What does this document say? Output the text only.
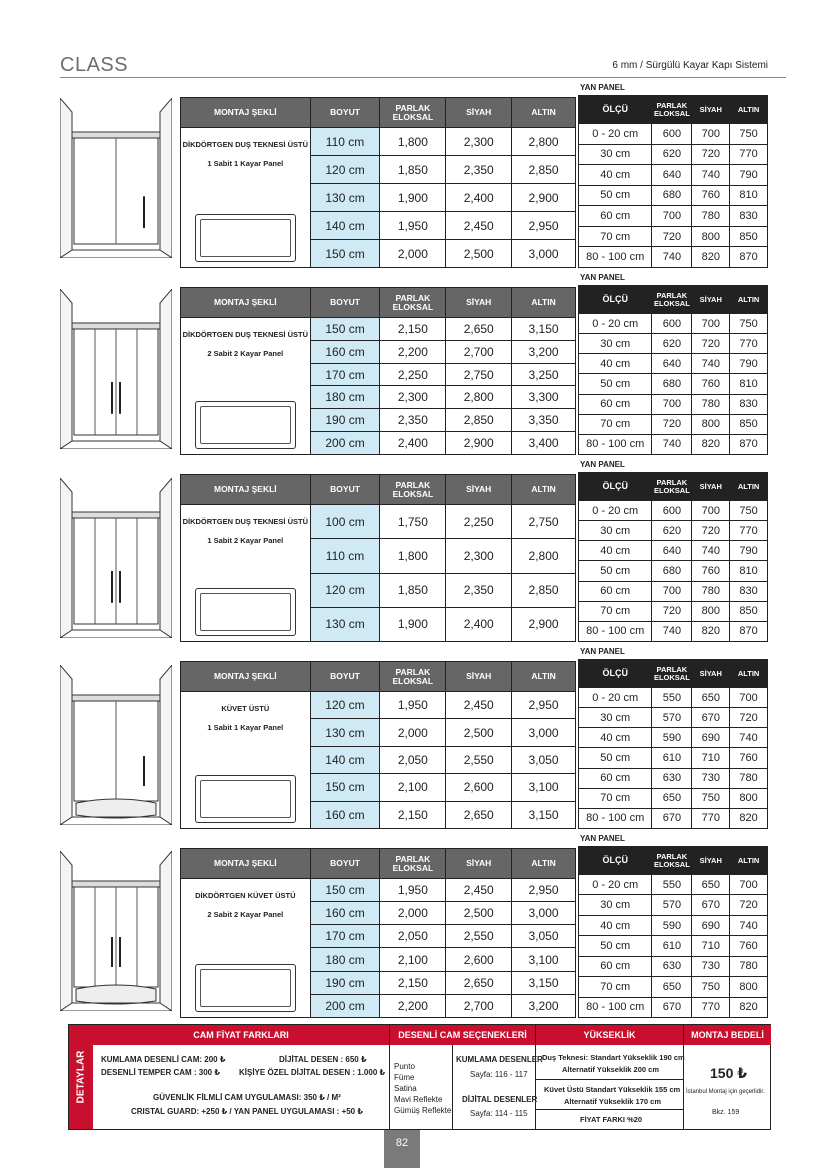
CLASS	6 mm / Sürgülü Kayar Kapı Sistemi
YAN PANEL
MONTAJ ŞEKLİ	BOYUT	PARLAK ELOKSAL	SİYAH	ALTIN

DİKDÖRTGEN DUŞ TEKNESİ ÜSTÜ
1 Sabit 1 Kayar Panel	110 cm	1,800	2,300	2,800
	120 cm	1,850	2,350	2,850
	130 cm	1,900	2,400	2,900
	140 cm	1,950	2,450	2,950
	150 cm	2,000	2,500	3,000
ÖLÇÜ	PARLAK ELOKSAL	SİYAH	ALTIN
0 - 20 cm	600	700	750
30 cm	620	720	770
40 cm	640	740	790
50 cm	680	760	810
60 cm	700	780	830
70 cm	720	800	850
80 - 100 cm	740	820	870
YAN PANEL
MONTAJ ŞEKLİ	BOYUT	PARLAK ELOKSAL	SİYAH	ALTIN

DİKDÖRTGEN DUŞ TEKNESİ ÜSTÜ
2 Sabit 2 Kayar Panel	150 cm	2,150	2,650	3,150
	160 cm	2,200	2,700	3,200
	170 cm	2,250	2,750	3,250
	180 cm	2,300	2,800	3,300
	190 cm	2,350	2,850	3,350
	200 cm	2,400	2,900	3,400
ÖLÇÜ	PARLAK ELOKSAL	SİYAH	ALTIN
0 - 20 cm	600	700	750
30 cm	620	720	770
40 cm	640	740	790
50 cm	680	760	810
60 cm	700	780	830
70 cm	720	800	850
80 - 100 cm	740	820	870
YAN PANEL
MONTAJ ŞEKLİ	BOYUT	PARLAK ELOKSAL	SİYAH	ALTIN

DİKDÖRTGEN DUŞ TEKNESİ ÜSTÜ
1 Sabit 2 Kayar Panel	100 cm	1,750	2,250	2,750
	110 cm	1,800	2,300	2,800
	120 cm	1,850	2,350	2,850
	130 cm	1,900	2,400	2,900
ÖLÇÜ	PARLAK ELOKSAL	SİYAH	ALTIN
0 - 20 cm	600	700	750
30 cm	620	720	770
40 cm	640	740	790
50 cm	680	760	810
60 cm	700	780	830
70 cm	720	800	850
80 - 100 cm	740	820	870
YAN PANEL
MONTAJ ŞEKLİ	BOYUT	PARLAK ELOKSAL	SİYAH	ALTIN

KÜVET ÜSTÜ
1 Sabit 1 Kayar Panel	120 cm	1,950	2,450	2,950
	130 cm	2,000	2,500	3,000
	140 cm	2,050	2,550	3,050
	150 cm	2,100	2,600	3,100
	160 cm	2,150	2,650	3,150
ÖLÇÜ	PARLAK ELOKSAL	SİYAH	ALTIN
0 - 20 cm	550	650	700
30 cm	570	670	720
40 cm	590	690	740
50 cm	610	710	760
60 cm	630	730	780
70 cm	650	750	800
80 - 100 cm	670	770	820
YAN PANEL
MONTAJ ŞEKLİ	BOYUT	PARLAK ELOKSAL	SİYAH	ALTIN

DİKDÖRTGEN KÜVET ÜSTÜ
2 Sabit 2 Kayar Panel	150 cm	1,950	2,450	2,950
	160 cm	2,000	2,500	3,000
	170 cm	2,050	2,550	3,050
	180 cm	2,100	2,600	3,100
	190 cm	2,150	2,650	3,150
	200 cm	2,200	2,700	3,200
ÖLÇÜ	PARLAK ELOKSAL	SİYAH	ALTIN
0 - 20 cm	550	650	700
30 cm	570	670	720
40 cm	590	690	740
50 cm	610	710	760
60 cm	630	730	780
70 cm	650	750	800
80 - 100 cm	670	770	820
DETAYLAR
CAM FİYAT FARKLARI
KUMLAMA DESENLİ CAM: 200 ₺	DİJİTAL DESEN : 650 ₺
DESENLİ TEMPER CAM : 300 ₺ KİŞİYE ÖZEL DİJİTAL DESEN : 1.000 ₺
GÜVENLİK FİLMLİ CAM UYGULAMASI: 350 ₺ / M²
CRISTAL GUARD: +250 ₺ / YAN PANEL UYGULAMASI : +50 ₺
DESENLİ CAM SEÇENEKLERİ
Punto
Füme
Satina
Mavi Reflekte
Gümüş Reflekte
KUMLAMA DESENLER
Sayfa: 116 - 117
DİJİTAL DESENLER
Sayfa: 114 - 115
YÜKSEKLİK
Duş Teknesi: Standart Yükseklik 190 cm
Alternatif Yükseklik 200 cm
Küvet Üstü Standart Yükseklik 155 cm
Alternatif Yükseklik 170 cm
FİYAT FARKI %20
MONTAJ BEDELİ
150 ₺
İstanbul Montaj için geçerlidir.
Bkz. 159
82
